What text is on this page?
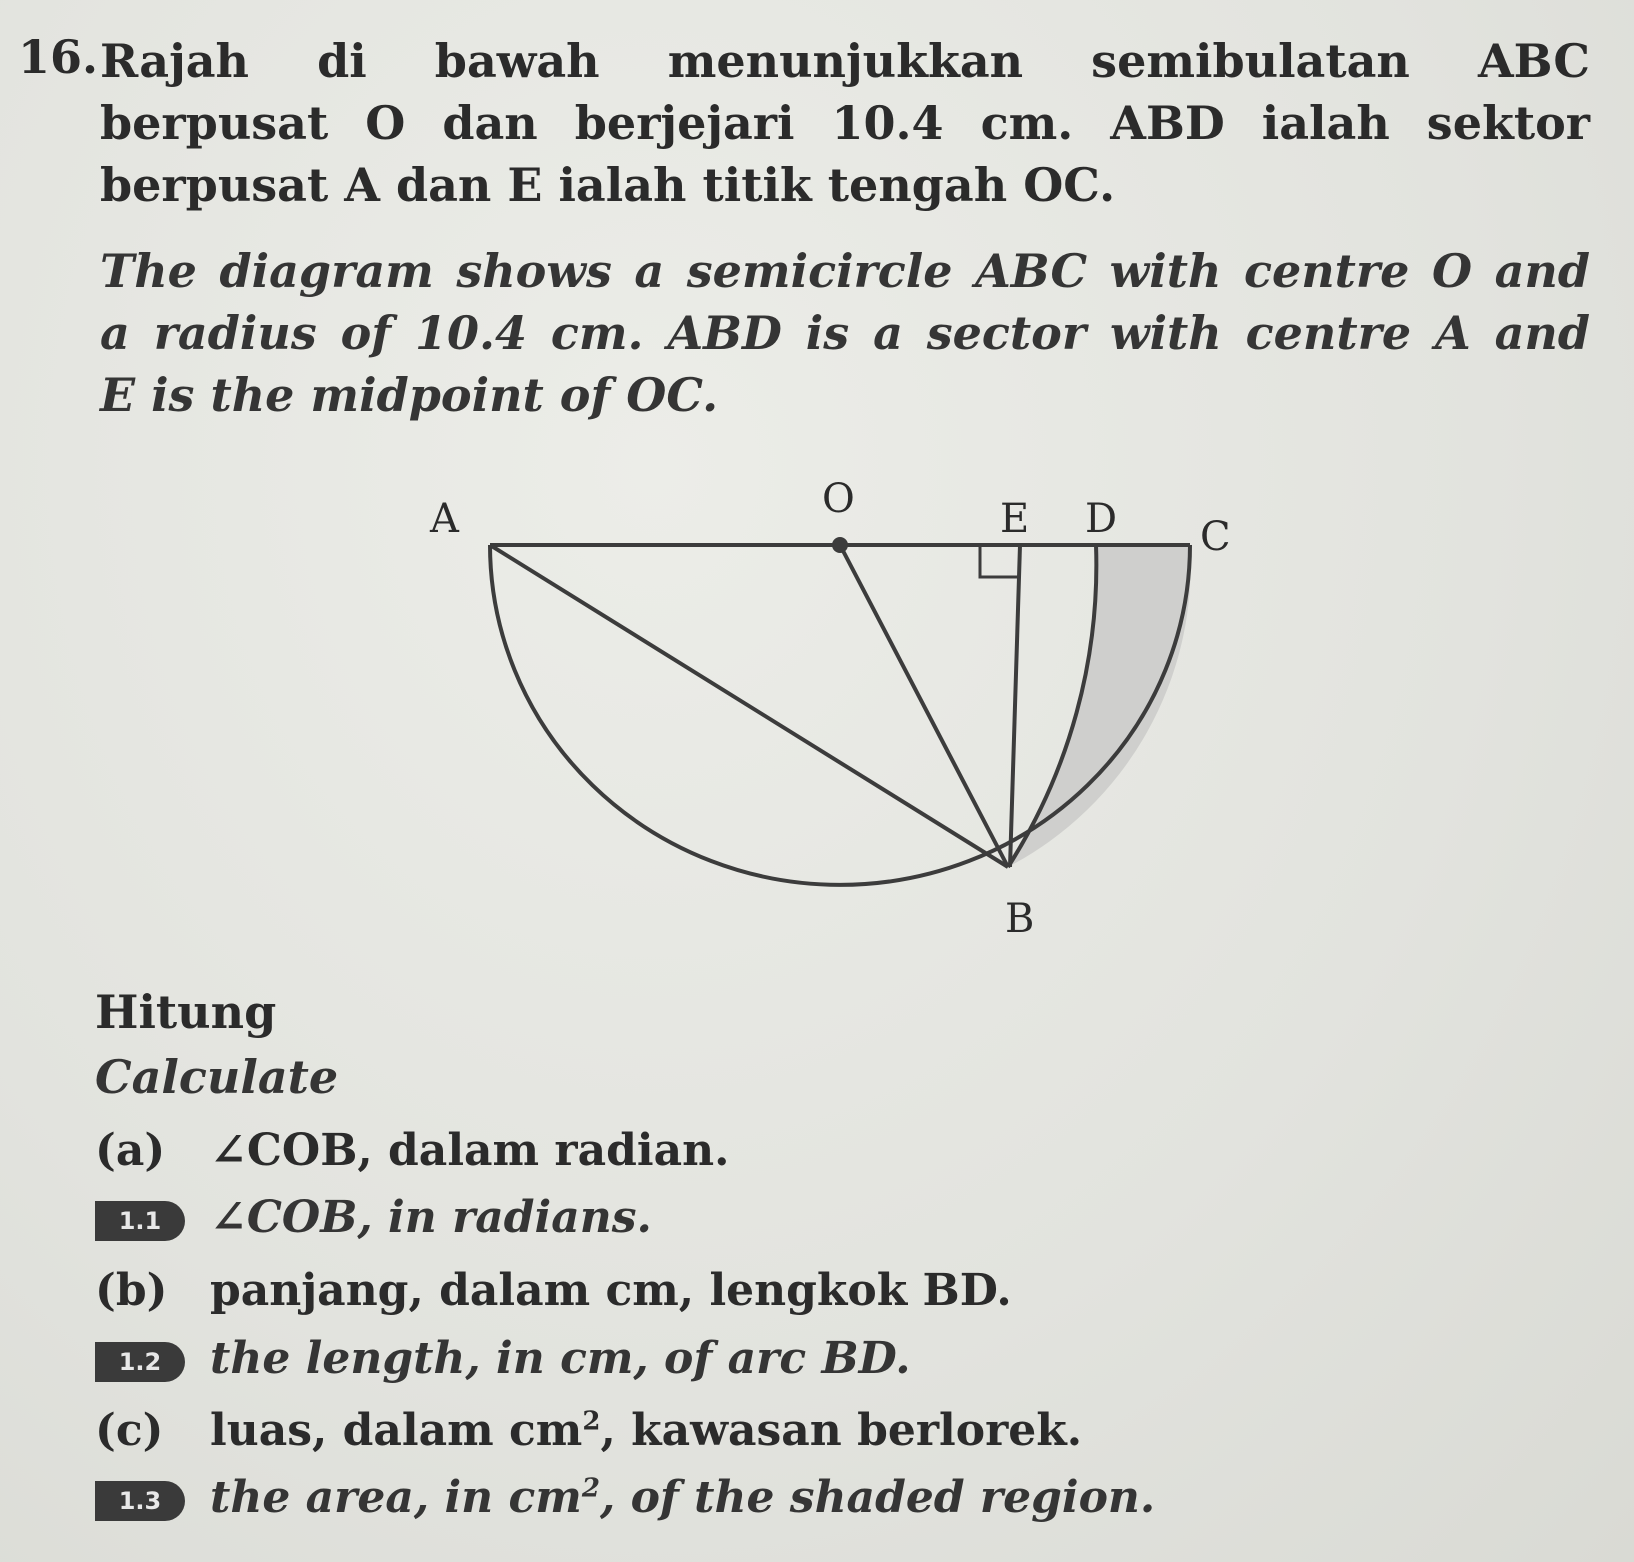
16. Rajah di bawah menunjukkan semibulatan ABC
berpusat O dan berjejari 10.4 cm. ABD ialah sektor
berpusat A dan E ialah titik tengah OC.
The diagram shows a semicircle ABC with centre O and
a radius of 10.4 cm. ABD is a sector with centre A and
E is the midpoint of OC.
A	O	E D C
B
Hitung
Calculate
(a) ∠COB, dalam radian.
1.1 ∠COB, in radians.
(b) panjang, dalam cm, lengkok BD.
1.2 the length, in cm, of arc BD.
(c) luas, dalam $cm^2$, kawasan berlorek.
1.3 the area, in $cm^2$, of the shaded region.
